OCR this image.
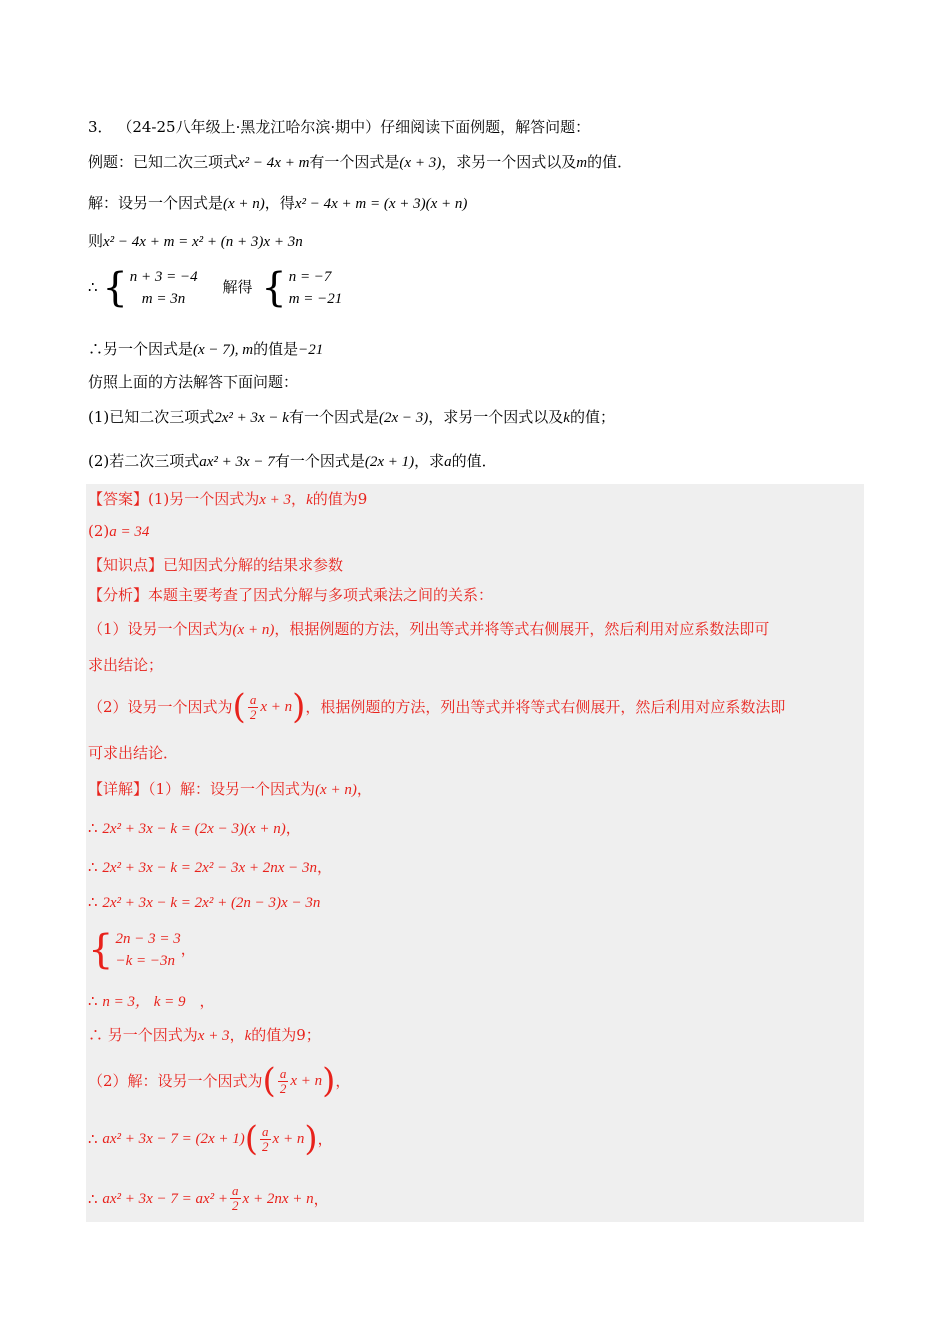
3． （24-25八年级上·黑龙江哈尔滨·期中）仔细阅读下面例题，解答问题：
例题：已知二次三项式x² − 4x + m有一个因式是(x + 3)，求另一个因式以及m的值．
解：设另一个因式是(x + n)，得x² − 4x + m = (x + 3)(x + n)
则x² − 4x + m = x² + (n + 3)x + 3n
∴ { n + 3 = −4
m = 3n
解得 { n = −7
m = −21
∴另一个因式是(x − 7), m的值是−21
仿照上面的方法解答下面问题：
(1)已知二次三项式2x² + 3x − k有一个因式是(2x − 3)，求另一个因式以及k的值；
(2)若二次三项式ax² + 3x − 7有一个因式是(2x + 1)，求a的值．
【答案】(1)另一个因式为x + 3，k的值为9
(2)a = 34
【知识点】已知因式分解的结果求参数
【分析】本题主要考查了因式分解与多项式乘法之间的关系：
（1）设另一个因式为(x + n)，根据例题的方法，列出等式并将等式右侧展开，然后利用对应系数法即可
求出结论；
（2）设另一个因式为 ( $\frac{a}{2}$ x + n ) ，根据例题的方法，列出等式并将等式右侧展开，然后利用对应系数法即
可求出结论．
【详解】（1）解：设另一个因式为(x + n)，
∴ 2x² + 3x − k = (2x − 3)(x + n)，
∴ 2x² + 3x − k = 2x² − 3x + 2nx − 3n，
∴ 2x² + 3x − k = 2x² + (2n − 3)x − 3n
{ 2n − 3 = 3
−k = −3n
，
∴ n = 3， k = 9 ，
∴ 另一个因式为x + 3，k的值为9；
（2）解：设另一个因式为 ( $\frac{a}{2}$ x + n ) ，
∴
ax² + 3x − 7 = (2x + 1) ( $\frac{a}{2}$ x + n ) ，
∴
$ax^2 + 3x - 7 = ax^2 + \frac{a}{2}$ x + 2nx + n ，
